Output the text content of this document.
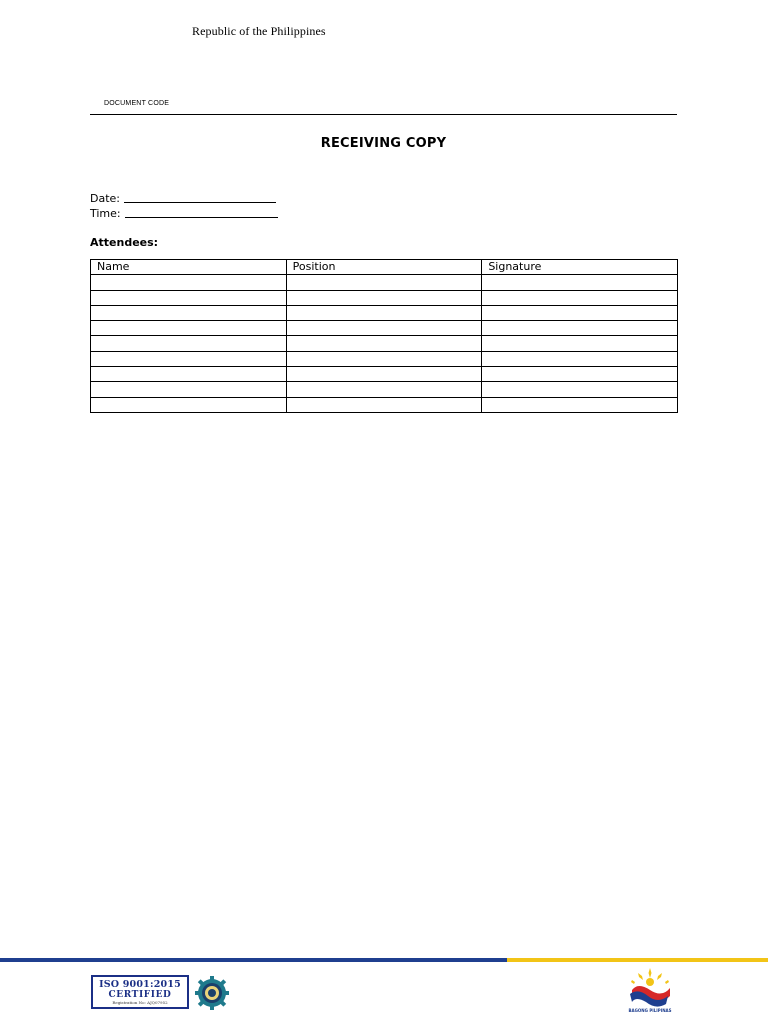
Republic of the Philippines
DOCUMENT CODE
RECEIVING COPY
Date:
Time:
Attendees:
Name	Position	Signature

ISO 9001:2015
CERTIFIED
Registration No: AJQ07952
BAGONG PILIPINAS
